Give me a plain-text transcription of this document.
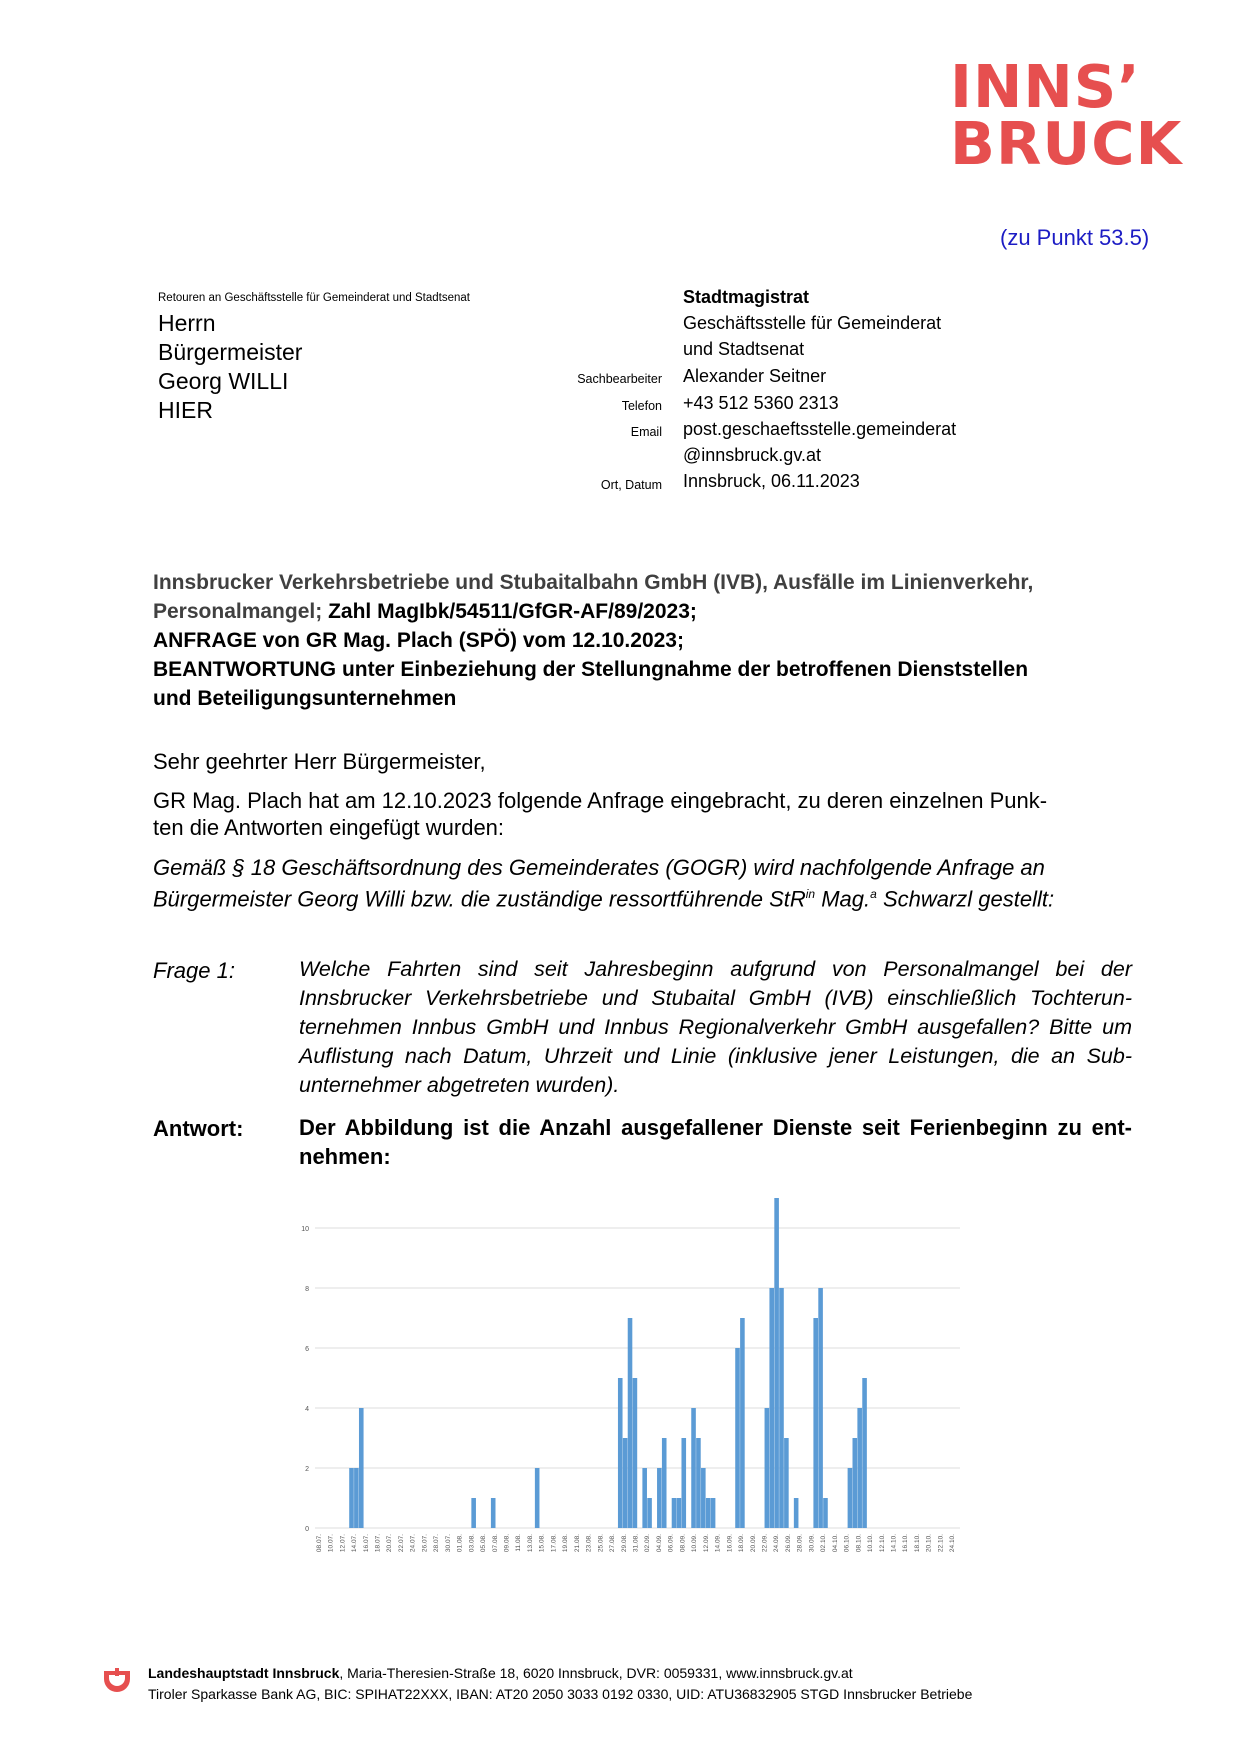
INNS’
BRUCK
(zu Punkt 53.5)
Retouren an Geschäftsstelle für Gemeinderat und Stadtsenat
Herrn
Bürgermeister
Georg WILLI
HIER
Stadtmagistrat
Geschäftsstelle für Gemeinderat
und Stadtsenat
Sachbearbeiter Alexander Seitner
Telefon +43 512 5360 2313
Email post.geschaeftsstelle.gemeinderat
@innsbruck.gv.at
Ort, Datum Innsbruck, 06.11.2023
Innsbrucker Verkehrsbetriebe und Stubaitalbahn GmbH (IVB), Ausfälle im Linienverkehr,
Personalmangel; Zahl MagIbk/54511/GfGR-AF/89/2023;
ANFRAGE von GR Mag. Plach (SPÖ) vom 12.10.2023;
BEANTWORTUNG unter Einbeziehung der Stellungnahme der betroffenen Dienststellen
und Beteiligungsunternehmen
Sehr geehrter Herr Bürgermeister,
GR Mag. Plach hat am 12.10.2023 folgende Anfrage eingebracht, zu deren einzelnen Punk-
ten die Antworten eingefügt wurden:
Gemäß § 18 Geschäftsordnung des Gemeinderates (GOGR) wird nachfolgende Anfrage an
Bürgermeister Georg Willi bzw. die zuständige ressortführende StR$^{in}$ Mag.$^a$ Schwarzl gestellt:
Frage 1:	Welche Fahrten sind seit Jahresbeginn aufgrund von Personalmangel bei der Innsbrucker Verkehrsbetriebe und Stubaital GmbH (IVB) einschließlich Tochterun-ternehmen Innbus GmbH und Innbus Regionalverkehr GmbH ausgefallen? Bitte um Auflistung nach Datum, Uhrzeit und Linie (inklusive jener Leistungen, die an Sub-unternehmer abgetreten wurden).
Antwort:	Der Abbildung ist die Anzahl ausgefallener Dienste seit Ferienbeginn zu ent-nehmen:
0
2
4
6
8
10
08.07. 10.07. 12.07. 14.07. 16.07. 18.07. 20.07. 22.07. 24.07. 26.07. 28.07. 30.07. 01.08. 03.08. 05.08. 07.08. 09.08. 11.08. 13.08. 15.08. 17.08. 19.08. 21.08. 23.08. 25.08. 27.08. 29.08. 31.08. 02.09. 04.09. 06.09. 08.09. 10.09. 12.09. 14.09. 16.09. 18.09. 20.09. 22.09. 24.09. 26.09. 28.09. 30.09. 02.10. 04.10. 06.10. 08.10. 10.10. 12.10. 14.10. 16.10. 18.10. 20.10. 22.10. 24.10.
Landeshauptstadt Innsbruck, Maria-Theresien-Straße 18, 6020 Innsbruck, DVR: 0059331, www.innsbruck.gv.at
Tiroler Sparkasse Bank AG, BIC: SPIHAT22XXX, IBAN: AT20 2050 3033 0192 0330, UID: ATU36832905 STGD Innsbrucker Betriebe
